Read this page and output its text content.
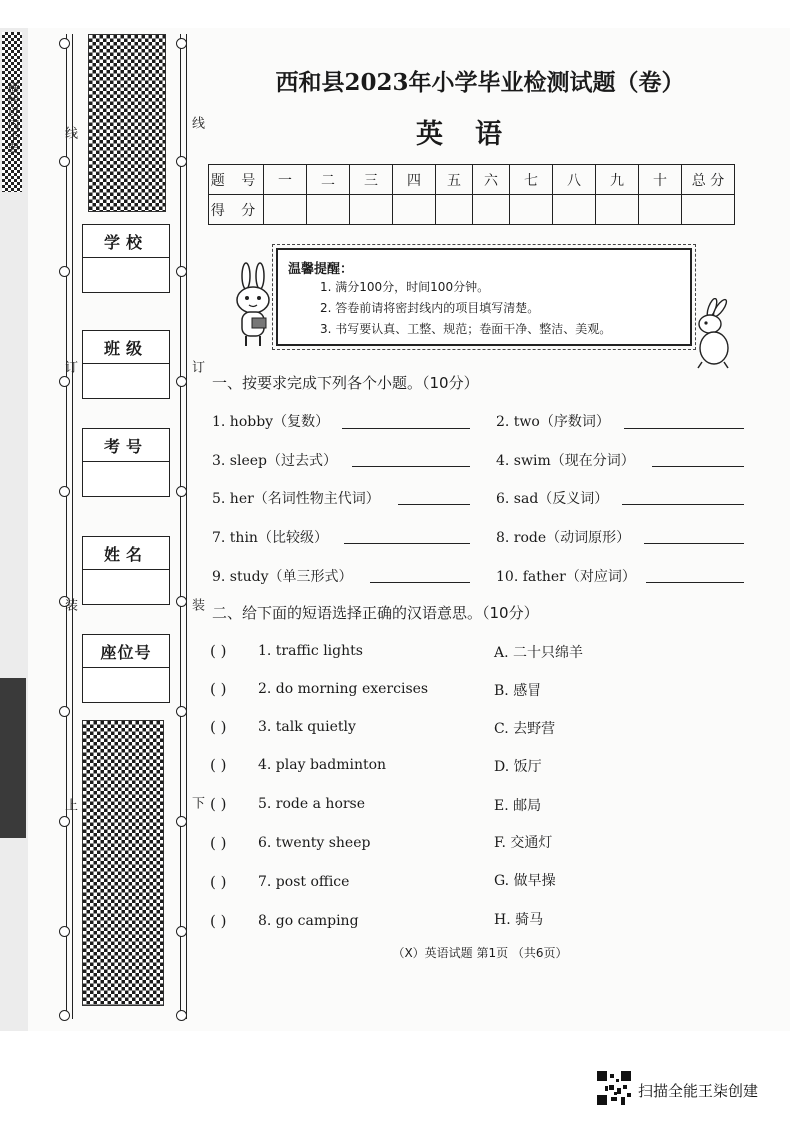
横线以内不要	线
订
装
上
线
订
装
下
学校
班级
考号
姓名
座位号
西和县2023年小学毕业检测试题（卷）
英语
题 号	一	二	三	四	五	六	七	八	九	十	总 分
得 分											
温馨提醒：
1. 满分100分，时间100分钟。
2. 答卷前请将密封线内的项目填写清楚。
3. 书写要认真、工整、规范；卷面干净、整洁、美观。
一、按要求完成下列各个小题。（10分）
1. hobby（复数）	2. two（序数词）
3. sleep（过去式）	4. swim（现在分词）
5. her（名词性物主代词）	6. sad（反义词）
7. thin（比较级）	8. rode（动词原形）
9. study（单三形式）	10. father（对应词）
二、给下面的短语选择正确的汉语意思。（10分）
( ) 1. traffic lights	A. 二十只绵羊
( ) 2. do morning exercises	B. 感冒
( ) 3. talk quietly	C. 去野营
( ) 4. play badminton	D. 饭厅
( ) 5. rode a horse	E. 邮局
( ) 6. twenty sheep	F. 交通灯
( ) 7. post office	G. 做早操
( ) 8. go camping	H. 骑马
（X）英语试题 第1页 （共6页）
扫描全能王柒创建
